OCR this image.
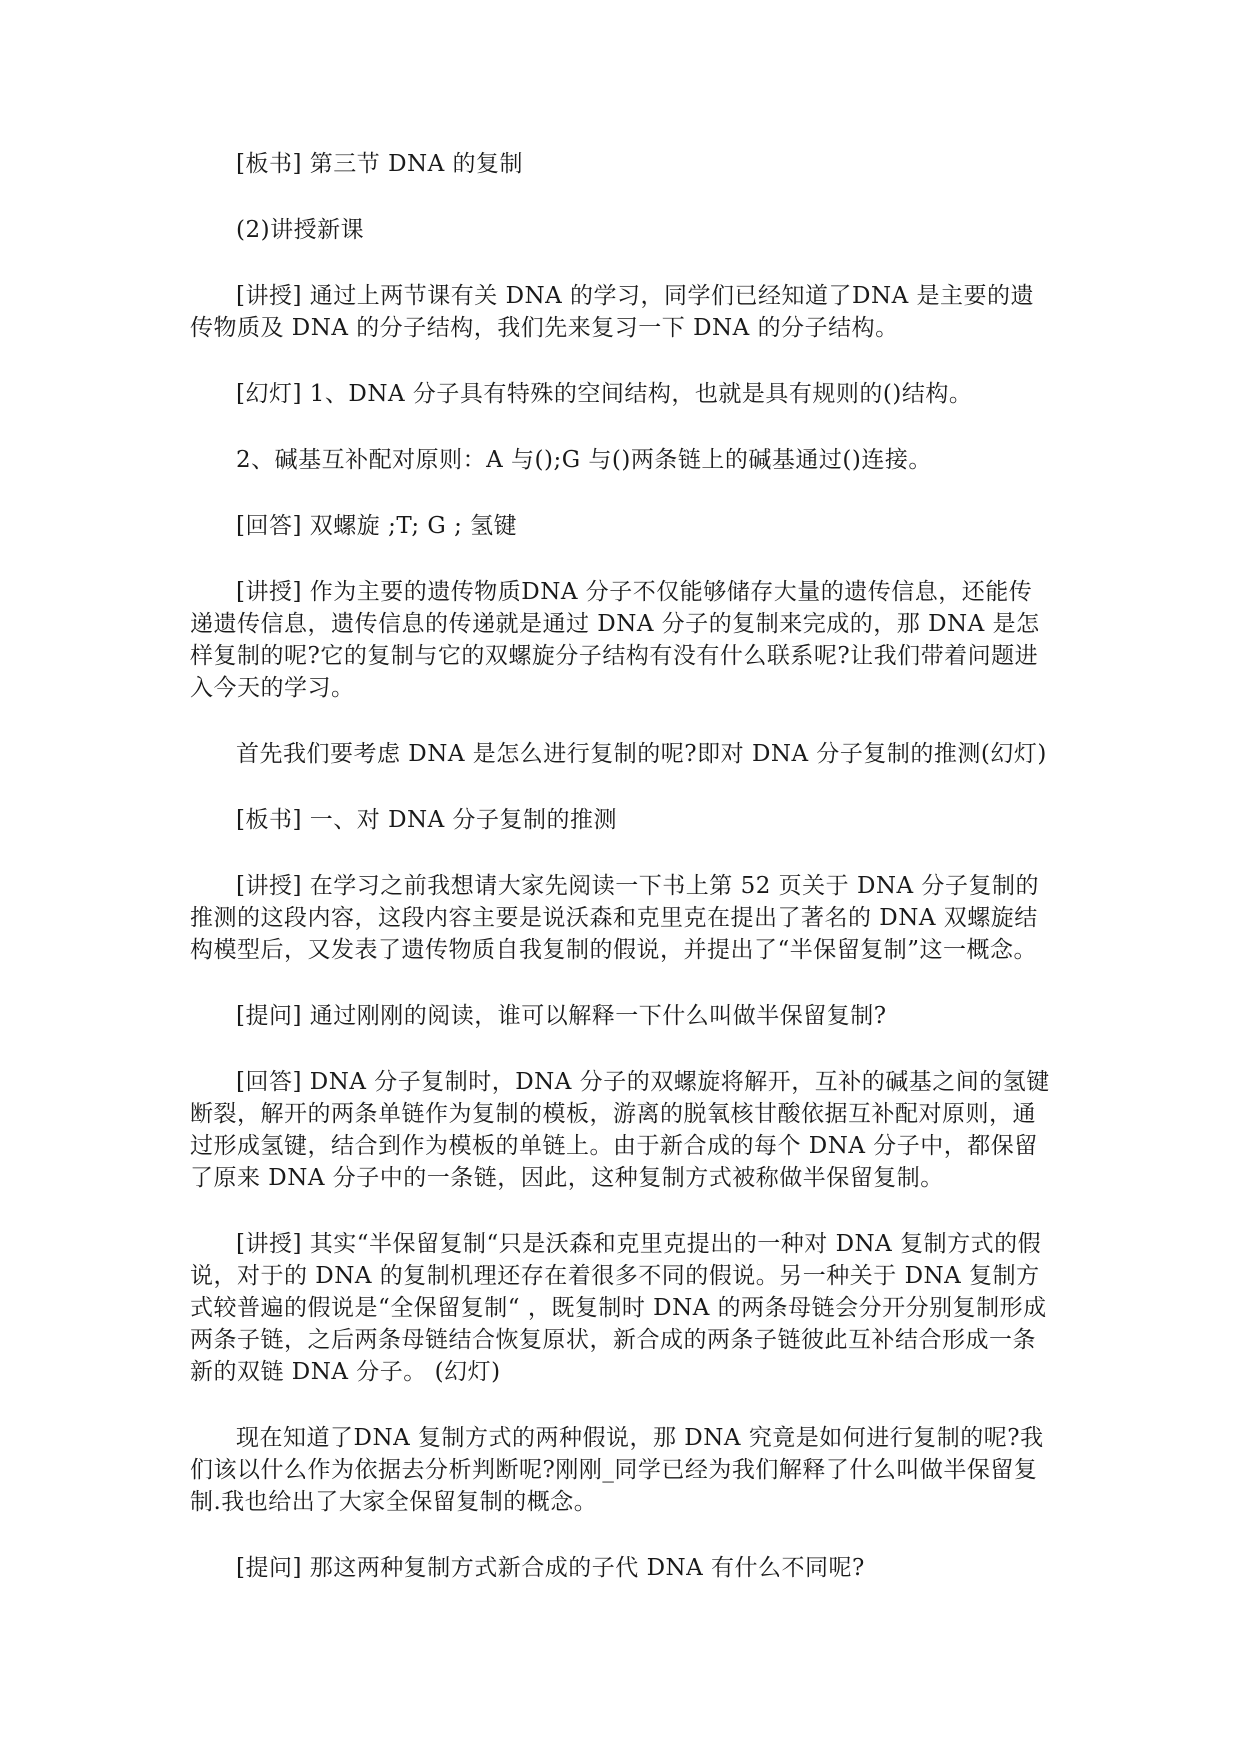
[板书] 第三节 DNA 的复制

(2)讲授新课

[讲授] 通过上两节课有关 DNA 的学习，同学们已经知道了DNA 是主要的遗传物质及 DNA 的分子结构，我们先来复习一下 DNA 的分子结构。

[幻灯] 1、DNA 分子具有特殊的空间结构，也就是具有规则的()结构。

2、碱基互补配对原则：A 与();G 与()两条链上的碱基通过()连接。

[回答] 双螺旋 ;T; G ; 氢键

[讲授] 作为主要的遗传物质DNA 分子不仅能够储存大量的遗传信息，还能传递遗传信息，遗传信息的传递就是通过 DNA 分子的复制来完成的，那 DNA 是怎样复制的呢?它的复制与它的双螺旋分子结构有没有什么联系呢?让我们带着问题进入今天的学习。

首先我们要考虑 DNA 是怎么进行复制的呢?即对 DNA 分子复制的推测(幻灯)

[板书] 一、对 DNA 分子复制的推测

[讲授] 在学习之前我想请大家先阅读一下书上第 52 页关于 DNA 分子复制的推测的这段内容，这段内容主要是说沃森和克里克在提出了著名的 DNA 双螺旋结构模型后，又发表了遗传物质自我复制的假说，并提出了“半保留复制”这一概念。

[提问] 通过刚刚的阅读，谁可以解释一下什么叫做半保留复制?

[回答] DNA 分子复制时，DNA 分子的双螺旋将解开，互补的碱基之间的氢键断裂，解开的两条单链作为复制的模板，游离的脱氧核甘酸依据互补配对原则，通过形成氢键，结合到作为模板的单链上。由于新合成的每个 DNA 分子中，都保留了原来 DNA 分子中的一条链，因此，这种复制方式被称做半保留复制。

[讲授] 其实“半保留复制“只是沃森和克里克提出的一种对 DNA 复制方式的假说，对于的 DNA 的复制机理还存在着很多不同的假说。另一种关于 DNA 复制方式较普遍的假说是“全保留复制“ ，既复制时 DNA 的两条母链会分开分别复制形成两条子链，之后两条母链结合恢复原状，新合成的两条子链彼此互补结合形成一条新的双链 DNA 分子。 (幻灯)

现在知道了DNA 复制方式的两种假说，那 DNA 究竟是如何进行复制的呢?我们该以什么作为依据去分析判断呢?刚刚_同学已经为我们解释了什么叫做半保留复制.我也给出了大家全保留复制的概念。

[提问] 那这两种复制方式新合成的子代 DNA 有什么不同呢?
